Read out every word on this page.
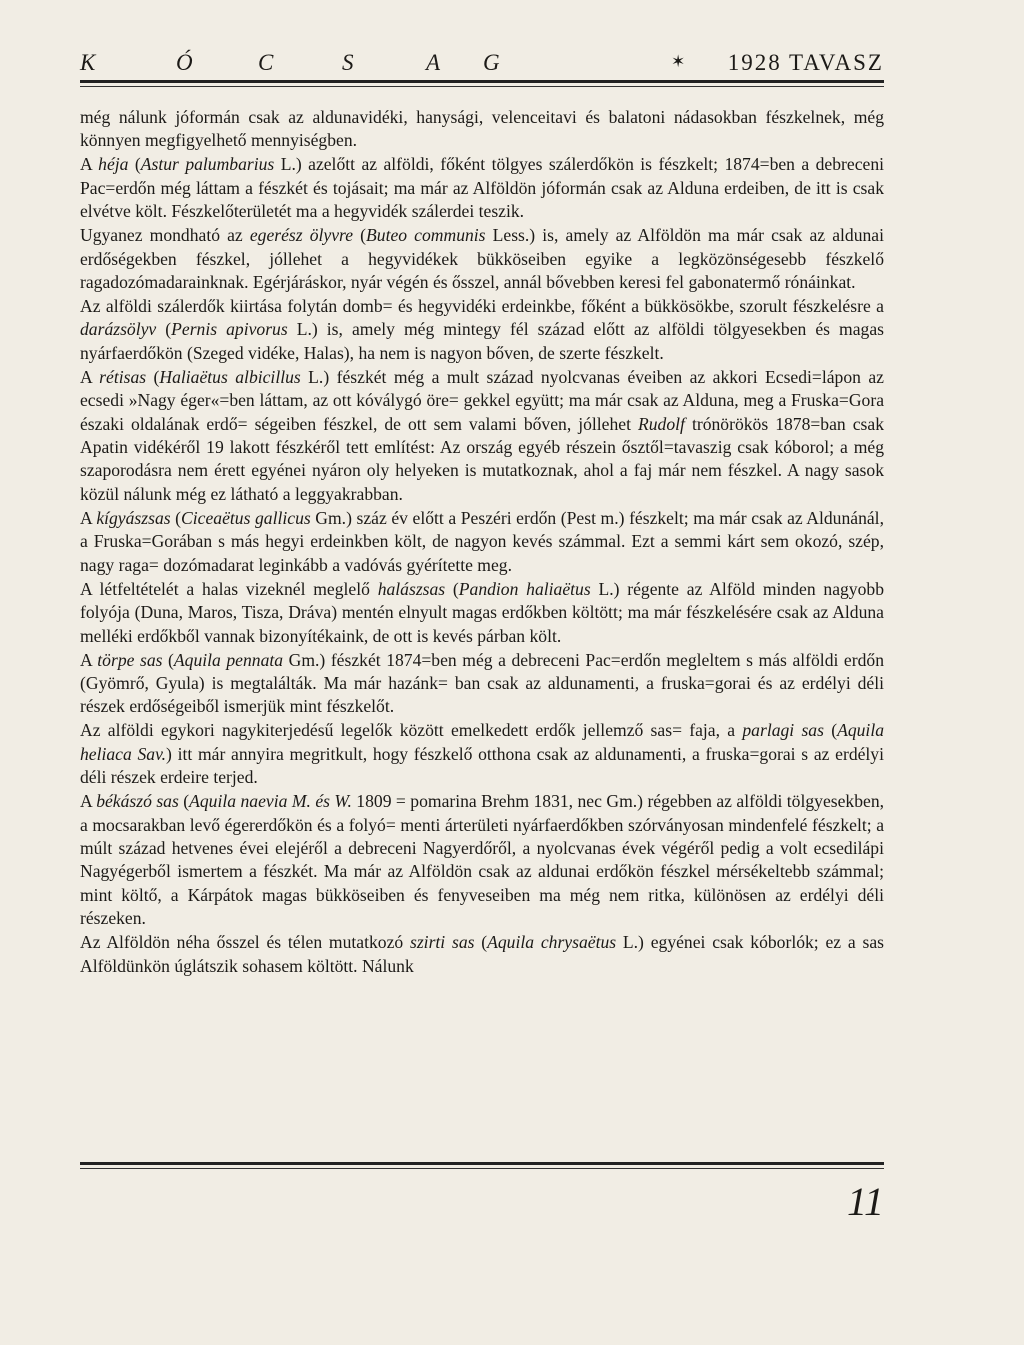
K	Ó	C	S	A G	✶ 1928 TAVASZ

még nálunk jóformán csak az aldunavidéki, hanysági, velenceitavi és balatoni nádasokban fészkelnek, még könnyen megfigyelhető mennyiségben.

A héja (Astur palumbarius L.) azelőtt az alföldi, főként tölgyes szálerdőkön is fészkelt; 1874=ben a debreceni Pac=erdőn még láttam a fészkét és tojásait; ma már az Alföldön jóformán csak az Alduna erdeiben, de itt is csak elvétve költ. Fészkelőterületét ma a hegyvidék szálerdei teszik.

Ugyanez mondható az egerész ölyvre (Buteo communis Less.) is, amely az Alföldön ma már csak az aldunai erdőségekben fészkel, jóllehet a hegyvidékek bükköseiben egyike a legközönségesebb fészkelő ragadozómadarainknak. Egérjáráskor, nyár végén és ősszel, annál bővebben keresi fel gabonatermő rónáinkat.

Az alföldi szálerdők kiirtása folytán domb= és hegyvidéki erdeinkbe, főként a bükkösökbe, szorult fészkelésre a darázsölyv (Pernis apivorus L.) is, amely még mintegy fél század előtt az alföldi tölgyesekben és magas nyárfaerdőkön (Szeged vidéke, Halas), ha nem is nagyon bőven, de szerte fészkelt.

A rétisas (Haliaëtus albicillus L.) fészkét még a mult század nyolcvanas éveiben az akkori Ecsedi=lápon az ecsedi »Nagy éger«=ben láttam, az ott kóválygó öre= gekkel együtt; ma már csak az Alduna, meg a Fruska=Gora északi oldalának erdő= ségeiben fészkel, de ott sem valami bőven, jóllehet Rudolf trónörökös 1878=ban csak Apatin vidékéről 19 lakott fészkéről tett említést: Az ország egyéb részein ősztől=tavaszig csak kóborol; a még szaporodásra nem érett egyénei nyáron oly helyeken is mutatkoznak, ahol a faj már nem fészkel. A nagy sasok közül nálunk még ez látható a leggyakrabban.

A kígyászsas (Ciceaëtus gallicus Gm.) száz év előtt a Peszéri erdőn (Pest m.) fészkelt; ma már csak az Aldunánál, a Fruska=Gorában s más hegyi erdeinkben költ, de nagyon kevés számmal. Ezt a semmi kárt sem okozó, szép, nagy raga= dozómadarat leginkább a vadóvás gyérítette meg.

A létfeltételét a halas vizeknél meglelő halászsas (Pandion haliaëtus L.) régente az Alföld minden nagyobb folyója (Duna, Maros, Tisza, Dráva) mentén elnyult magas erdőkben költött; ma már fészkelésére csak az Alduna melléki erdőkből vannak bizonyítékaink, de ott is kevés párban költ.

A törpe sas (Aquila pennata Gm.) fészkét 1874=ben még a debreceni Pac=erdőn megleltem s más alföldi erdőn (Gyömrő, Gyula) is megtalálták. Ma már hazánk= ban csak az aldunamenti, a fruska=gorai és az erdélyi déli részek erdőségeiből ismerjük mint fészkelőt.

Az alföldi egykori nagykiterjedésű legelők között emelkedett erdők jellemző sas= faja, a parlagi sas (Aquila heliaca Sav.) itt már annyira megritkult, hogy fészkelő otthona csak az aldunamenti, a fruska=gorai s az erdélyi déli részek erdeire terjed.

A békászó sas (Aquila naevia M. és W. 1809 = pomarina Brehm 1831, nec Gm.) régebben az alföldi tölgyesekben, a mocsarakban levő égererdőkön és a folyó= menti árterületi nyárfaerdőkben szórványosan mindenfelé fészkelt; a múlt század hetvenes évei elejéről a debreceni Nagyerdőről, a nyolcvanas évek végéről pedig a volt ecsedilápi Nagyégerből ismertem a fészkét. Ma már az Alföldön csak az aldunai erdőkön fészkel mérsékeltebb számmal; mint költő, a Kárpátok magas bükköseiben és fenyveseiben ma még nem ritka, különösen az erdélyi déli részeken.

Az Alföldön néha ősszel és télen mutatkozó szirti sas (Aquila chrysaëtus L.) egyénei csak kóborlók; ez a sas Alföldünkön úglátszik sohasem költött. Nálunk

11
